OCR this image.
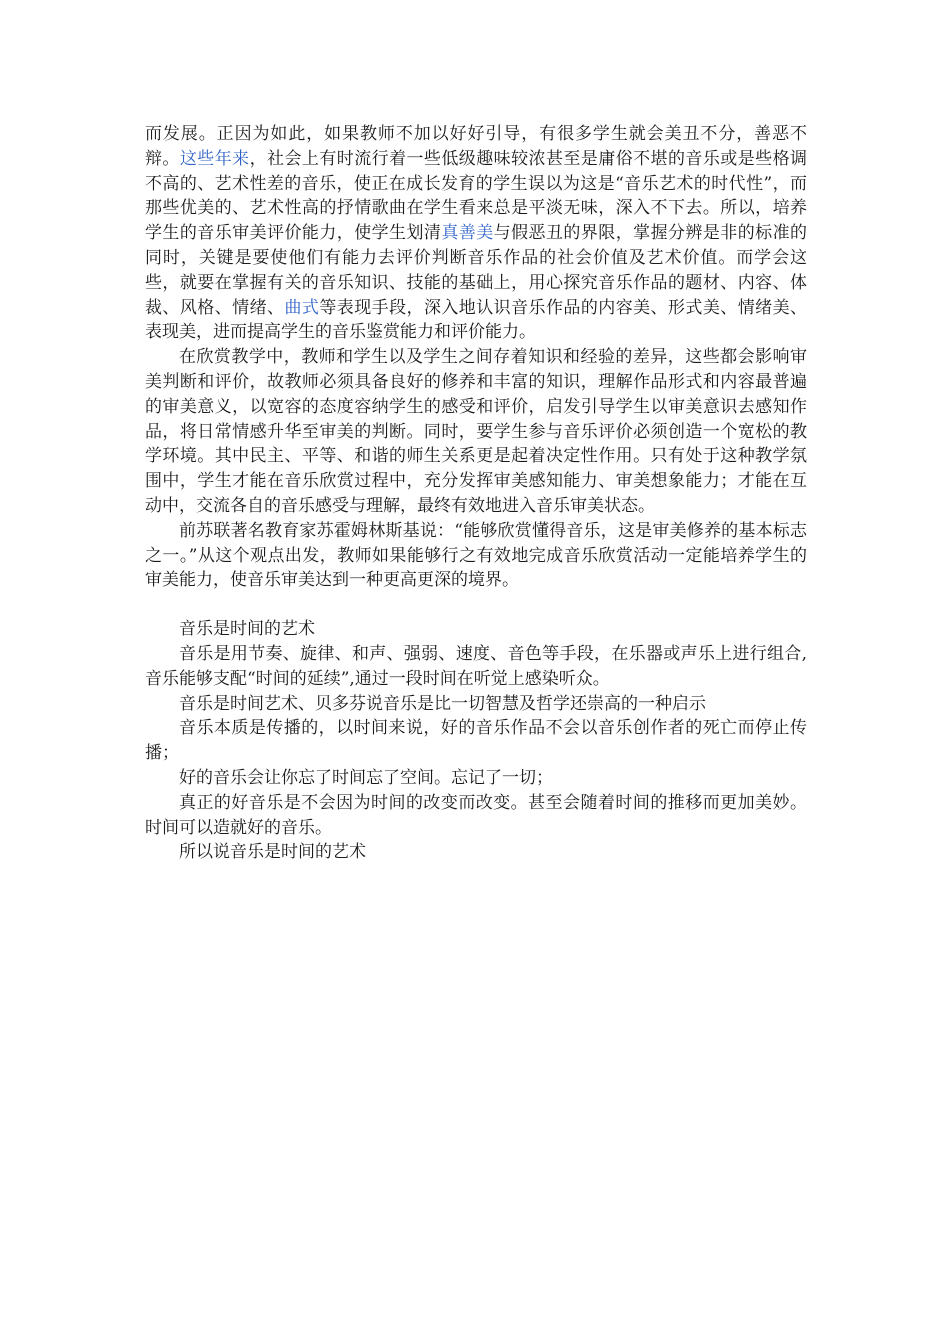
而发展。正因为如此，如果教师不加以好好引导，有很多学生就会美丑不分，善恶不辩。这些年来，社会上有时流行着一些低级趣味较浓甚至是庸俗不堪的音乐或是些格调不高的、艺术性差的音乐，使正在成长发育的学生误以为这是“音乐艺术的时代性”，而那些优美的、艺术性高的抒情歌曲在学生看来总是平淡无味，深入不下去。所以，培养学生的音乐审美评价能力，使学生划清真善美与假恶丑的界限，掌握分辨是非的标准的同时，关键是要使他们有能力去评价判断音乐作品的社会价值及艺术价值。而学会这些，就要在掌握有关的音乐知识、技能的基础上，用心探究音乐作品的题材、内容、体裁、风格、情绪、曲式等表现手段，深入地认识音乐作品的内容美、形式美、情绪美、表现美，进而提高学生的音乐鉴赏能力和评价能力。

在欣赏教学中，教师和学生以及学生之间存着知识和经验的差异，这些都会影响审美判断和评价，故教师必须具备良好的修养和丰富的知识，理解作品形式和内容最普遍的审美意义，以宽容的态度容纳学生的感受和评价，启发引导学生以审美意识去感知作品，将日常情感升华至审美的判断。同时，要学生参与音乐评价必须创造一个宽松的教学环境。其中民主、平等、和谐的师生关系更是起着决定性作用。只有处于这种教学氛围中，学生才能在音乐欣赏过程中，充分发挥审美感知能力、审美想象能力；才能在互动中，交流各自的音乐感受与理解，最终有效地进入音乐审美状态。

前苏联著名教育家苏霍姆林斯基说：“能够欣赏懂得音乐，这是审美修养的基本标志之一。”从这个观点出发，教师如果能够行之有效地完成音乐欣赏活动一定能培养学生的审美能力，使音乐审美达到一种更高更深的境界。

音乐是时间的艺术

音乐是用节奏、旋律、和声、强弱、速度、音色等手段，在乐器或声乐上进行组合,音乐能够支配“时间的延续”,通过一段时间在听觉上感染听众。

音乐是时间艺术、贝多芬说音乐是比一切智慧及哲学还崇高的一种启示

音乐本质是传播的，以时间来说，好的音乐作品不会以音乐创作者的死亡而停止传播；

好的音乐会让你忘了时间忘了空间。忘记了一切；

真正的好音乐是不会因为时间的改变而改变。甚至会随着时间的推移而更加美妙。时间可以造就好的音乐。

所以说音乐是时间的艺术
